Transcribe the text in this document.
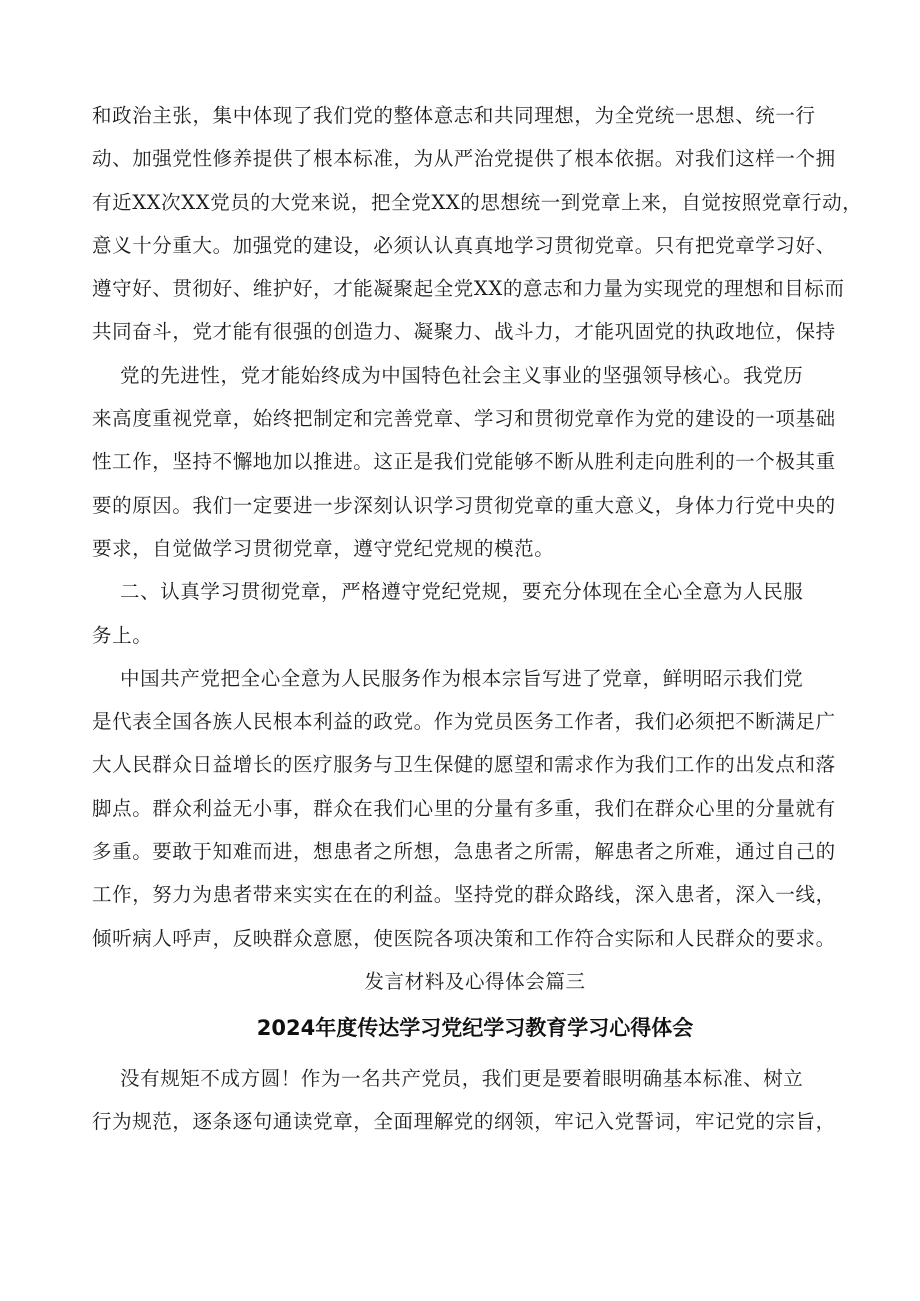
和政治主张，集中体现了我们党的整体意志和共同理想，为全党统一思想、统一行
动、加强党性修养提供了根本标准，为从严治党提供了根本依据。对我们这样一个拥
有近XX次XX党员的大党来说，把全党XX的思想统一到党章上来，自觉按照党章行动，
意义十分重大。加强党的建设，必须认认真真地学习贯彻党章。只有把党章学习好、
遵守好、贯彻好、维护好，才能凝聚起全党XX的意志和力量为实现党的理想和目标而
共同奋斗，党才能有很强的创造力、凝聚力、战斗力，才能巩固党的执政地位，保持

党的先进性，党才能始终成为中国特色社会主义事业的坚强领导核心。我党历
来高度重视党章，始终把制定和完善党章、学习和贯彻党章作为党的建设的一项基础
性工作，坚持不懈地加以推进。这正是我们党能够不断从胜利走向胜利的一个极其重
要的原因。我们一定要进一步深刻认识学习贯彻党章的重大意义，身体力行党中央的
要求，自觉做学习贯彻党章，遵守党纪党规的模范。

二、认真学习贯彻党章，严格遵守党纪党规，要充分体现在全心全意为人民服
务上。

中国共产党把全心全意为人民服务作为根本宗旨写进了党章，鲜明昭示我们党
是代表全国各族人民根本利益的政党。作为党员医务工作者，我们必须把不断满足广
大人民群众日益增长的医疗服务与卫生保健的愿望和需求作为我们工作的出发点和落
脚点。群众利益无小事，群众在我们心里的分量有多重，我们在群众心里的分量就有
多重。要敢于知难而进，想患者之所想，急患者之所需，解患者之所难，通过自己的
工作，努力为患者带来实实在在的利益。坚持党的群众路线，深入患者，深入一线，
倾听病人呼声，反映群众意愿，使医院各项决策和工作符合实际和人民群众的要求。

发言材料及心得体会篇三

2024年度传达学习党纪学习教育学习心得体会

没有规矩不成方圆！作为一名共产党员，我们更是要着眼明确基本标准、树立
行为规范，逐条逐句通读党章，全面理解党的纲领，牢记入党誓词，牢记党的宗旨，
